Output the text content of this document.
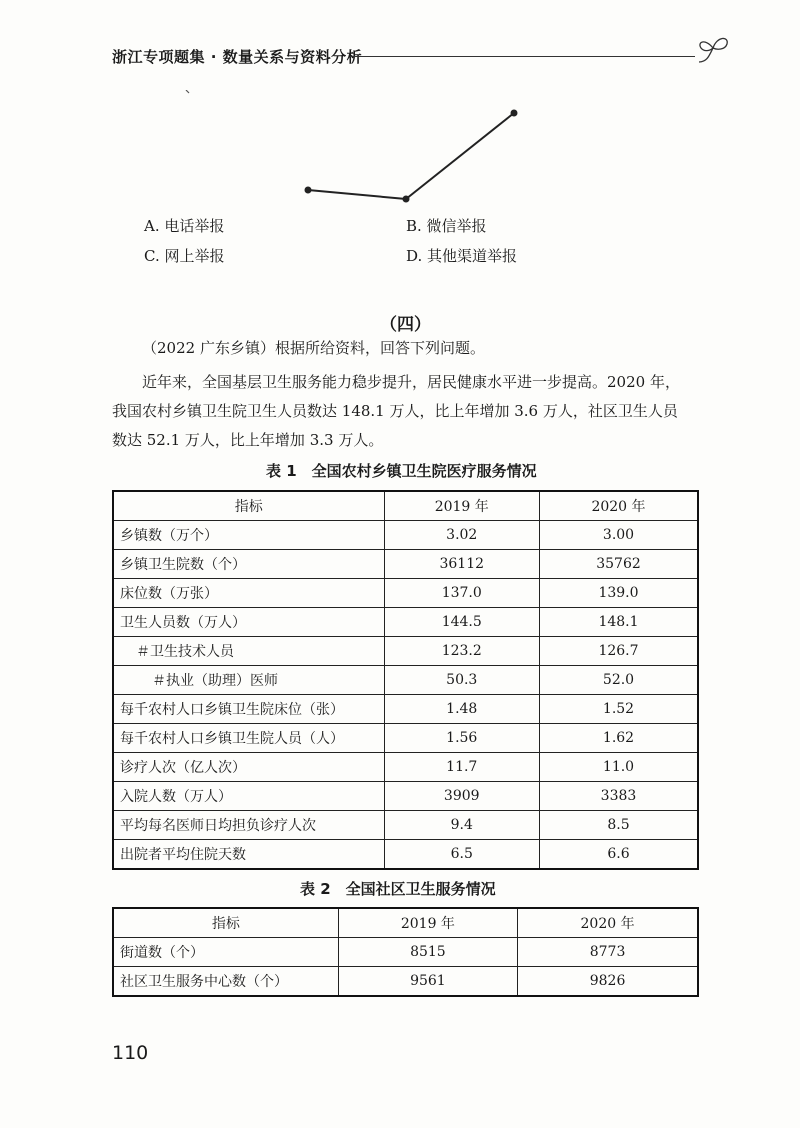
浙江专项题集 · 数量关系与资料分析
A. 电话举报	B. 微信举报
C. 网上举报	D. 其他渠道举报
（四）
（2022 广东乡镇）根据所给资料，回答下列问题。
近年来，全国基层卫生服务能力稳步提升，居民健康水平进一步提高。2020 年，
我国农村乡镇卫生院卫生人员数达 148.1 万人，比上年增加 3.6 万人，社区卫生人员
数达 52.1 万人，比上年增加 3.3 万人。
表 1　全国农村乡镇卫生院医疗服务情况
指标	2019 年	2020 年
乡镇数（万个）	3.02	3.00
乡镇卫生院数（个）	36112	35762
床位数（万张）	137.0	139.0
卫生人员数（万人）	144.5	148.1
＃卫生技术人员	123.2	126.7
＃执业（助理）医师	50.3	52.0
每千农村人口乡镇卫生院床位（张）	1.48	1.52
每千农村人口乡镇卫生院人员（人）	1.56	1.62
诊疗人次（亿人次）	11.7	11.0
入院人数（万人）	3909	3383
平均每名医师日均担负诊疗人次	9.4	8.5
出院者平均住院天数	6.5	6.6
表 2　全国社区卫生服务情况
指标	2019 年	2020 年
街道数（个）	8515	8773
社区卫生服务中心数（个）	9561	9826
110
